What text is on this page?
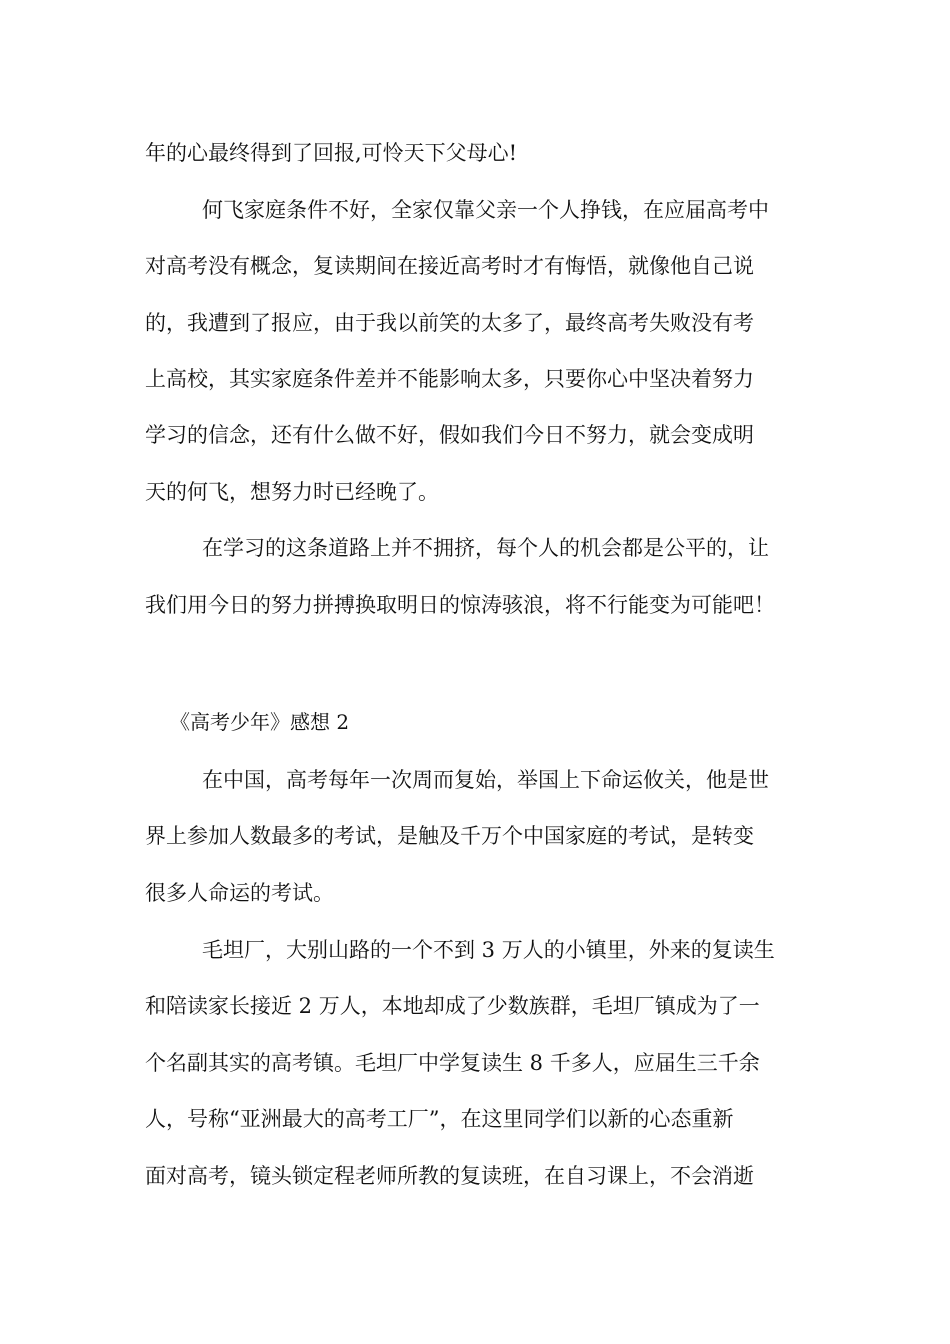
年的心最终得到了回报,可怜天下父母心!
何飞家庭条件不好，全家仅靠父亲一个人挣钱，在应届高考中
对高考没有概念，复读期间在接近高考时才有悔悟，就像他自己说
的，我遭到了报应，由于我以前笑的太多了，最终高考失败没有考
上高校，其实家庭条件差并不能影响太多，只要你心中坚决着努力
学习的信念，还有什么做不好，假如我们今日不努力，就会变成明
天的何飞，想努力时已经晚了。
在学习的这条道路上并不拥挤，每个人的机会都是公平的，让
我们用今日的努力拼搏换取明日的惊涛骇浪，将不行能变为可能吧！
《高考少年》感想 2
在中国，高考每年一次周而复始，举国上下命运攸关，他是世
界上参加人数最多的考试，是触及千万个中国家庭的考试，是转变
很多人命运的考试。
毛坦厂，大别山路的一个不到 3 万人的小镇里，外来的复读生
和陪读家长接近 2 万人，本地却成了少数族群，毛坦厂镇成为了一
个名副其实的高考镇。毛坦厂中学复读生 8 千多人，应届生三千余
人，号称“亚洲最大的高考工厂”，在这里同学们以新的心态重新
面对高考，镜头锁定程老师所教的复读班，在自习课上，不会消逝
